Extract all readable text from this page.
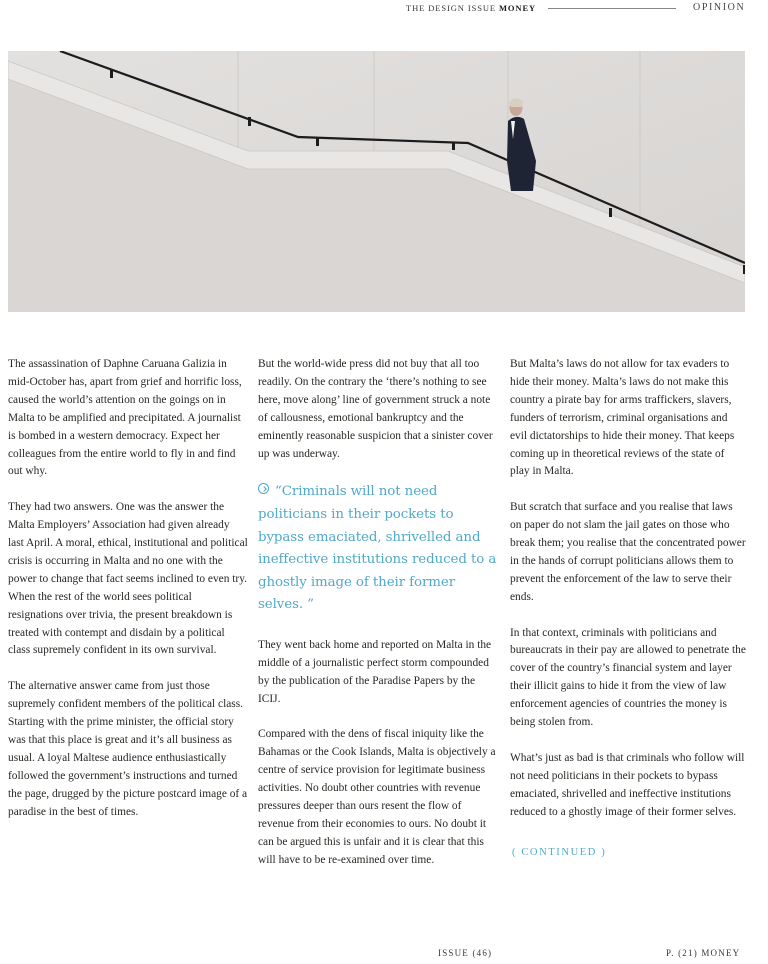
THE DESIGN ISSUE MONEY	OPINION

The assassination of Daphne Caruana Galizia in mid-October has, apart from grief and horrific loss, caused the world’s attention on the goings on in Malta to be amplified and precipitated. A journalist is bombed in a western democracy. Expect her colleagues from the entire world to fly in and find out why.

They had two answers. One was the answer the Malta Employers’ Association had given already last April. A moral, ethical, institutional and political crisis is occurring in Malta and no one with the power to change that fact seems inclined to even try. When the rest of the world sees political resignations over trivia, the present breakdown is treated with contempt and disdain by a political class supremely confident in its own survival.

The alternative answer came from just those supremely confident members of the political class. Starting with the prime minister, the official story was that this place is great and it’s all business as usual. A loyal Maltese audience enthusiastically followed the government’s instructions and turned the page, drugged by the picture postcard image of a paradise in the best of times.

But the world-wide press did not buy that all too readily. On the contrary the ‘there’s nothing to see here, move along’ line of government struck a note of callousness, emotional bankruptcy and the eminently reasonable suspicion that a sinister cover up was underway.

“Criminals will not need politicians in their pockets to bypass emaciated, shrivelled and ineffective institutions reduced to a ghostly image of their former selves. ”

They went back home and reported on Malta in the middle of a journalistic perfect storm compounded by the publication of the Paradise Papers by the ICIJ.

Compared with the dens of fiscal iniquity like the Bahamas or the Cook Islands, Malta is objectively a centre of service provision for legitimate business activities. No doubt other countries with revenue pressures deeper than ours resent the flow of revenue from their economies to ours. No doubt it can be argued this is unfair and it is clear that this will have to be re-examined over time.

But Malta’s laws do not allow for tax evaders to hide their money. Malta’s laws do not make this country a pirate bay for arms traffickers, slavers, funders of terrorism, criminal organisations and evil dictatorships to hide their money. That keeps coming up in theoretical reviews of the state of play in Malta.

But scratch that surface and you realise that laws on paper do not slam the jail gates on those who break them; you realise that the concentrated power in the hands of corrupt politicians allows them to prevent the enforcement of the law to serve their ends.

In that context, criminals with politicians and bureaucrats in their pay are allowed to penetrate the cover of the country’s financial system and layer their illicit gains to hide it from the view of law enforcement agencies of countries the money is being stolen from.

What’s just as bad is that criminals who follow will not need politicians in their pockets to bypass emaciated, shrivelled and ineffective institutions reduced to a ghostly image of their former selves.

( CONTINUED )
ISSUE (46)	P. (21) MONEY
